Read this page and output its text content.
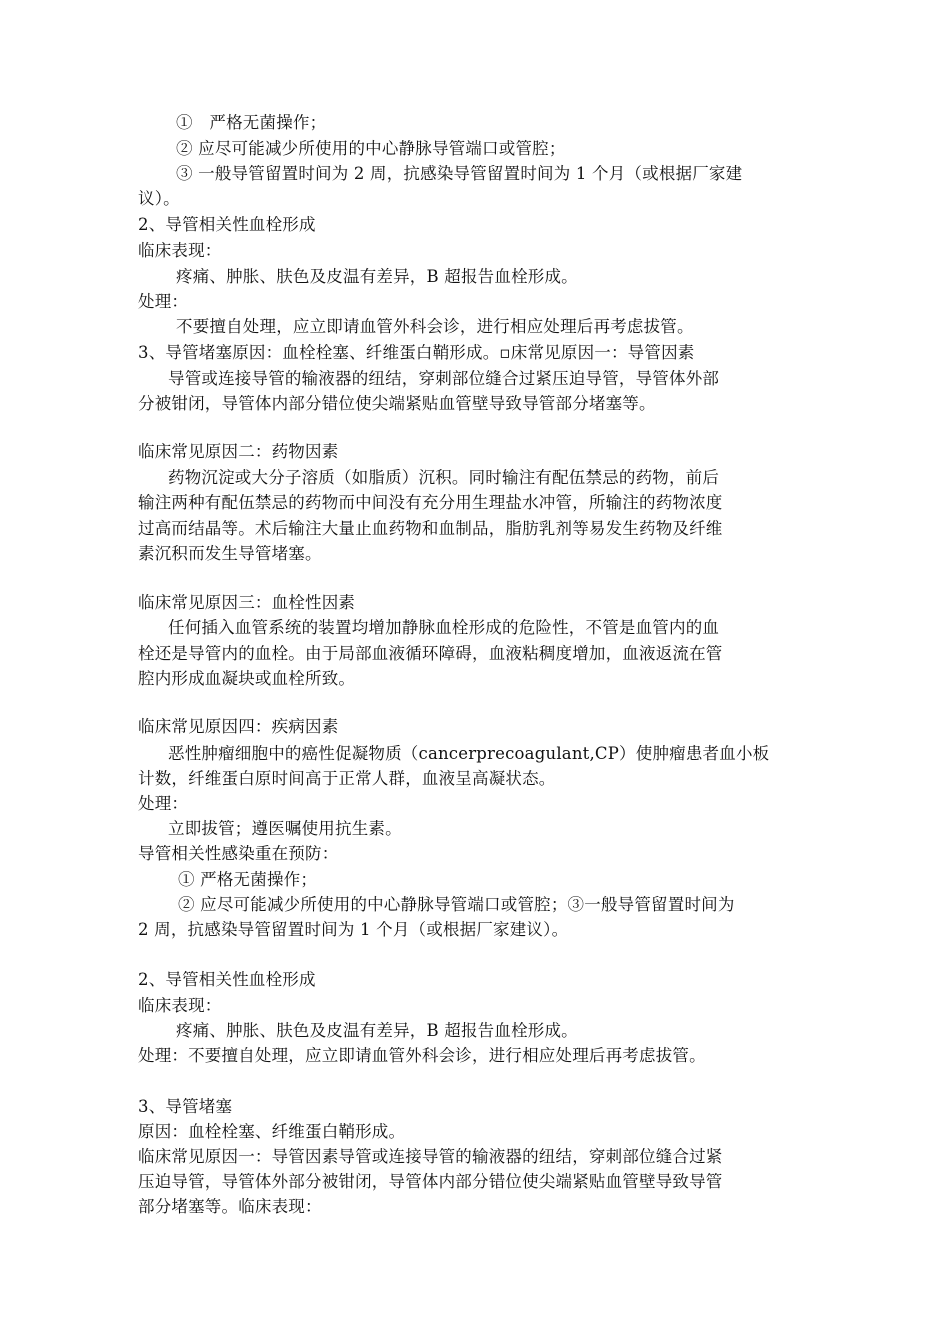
① 严格无菌操作；
② 应尽可能减少所使用的中心静脉导管端口或管腔；
③ 一般导管留置时间为 2 周，抗感染导管留置时间为 1 个月（或根据厂家建
议）。
2、导管相关性血栓形成
临床表现：
疼痛、肿胀、肤色及皮温有差异，B 超报告血栓形成。
处理：
不要擅自处理，应立即请血管外科会诊，进行相应处理后再考虑拔管。
3、导管堵塞原因：血栓栓塞、纤维蛋白鞘形成。▫床常见原因一：导管因素
导管或连接导管的输液器的纽结，穿刺部位缝合过紧压迫导管，导管体外部
分被钳闭，导管体内部分错位使尖端紧贴血管壁导致导管部分堵塞等。
临床常见原因二：药物因素
药物沉淀或大分子溶质（如脂质）沉积。同时输注有配伍禁忌的药物，前后
输注两种有配伍禁忌的药物而中间没有充分用生理盐水冲管，所输注的药物浓度
过高而结晶等。术后输注大量止血药物和血制品，脂肪乳剂等易发生药物及纤维
素沉积而发生导管堵塞。
临床常见原因三：血栓性因素
任何插入血管系统的装置均增加静脉血栓形成的危险性，不管是血管内的血
栓还是导管内的血栓。由于局部血液循环障碍，血液粘稠度增加，血液返流在管
腔内形成血凝块或血栓所致。
临床常见原因四：疾病因素
恶性肿瘤细胞中的癌性促凝物质（cancerprecoagulant,CP）使肿瘤患者血小板
计数，纤维蛋白原时间高于正常人群，血液呈高凝状态。
处理：
立即拔管；遵医嘱使用抗生素。
导管相关性感染重在预防：
① 严格无菌操作；
② 应尽可能减少所使用的中心静脉导管端口或管腔；③一般导管留置时间为
2 周，抗感染导管留置时间为 1 个月（或根据厂家建议）。
2、导管相关性血栓形成
临床表现：
疼痛、肿胀、肤色及皮温有差异，B 超报告血栓形成。
处理：不要擅自处理，应立即请血管外科会诊，进行相应处理后再考虑拔管。
3、导管堵塞
原因：血栓栓塞、纤维蛋白鞘形成。
临床常见原因一：导管因素导管或连接导管的输液器的纽结，穿刺部位缝合过紧
压迫导管，导管体外部分被钳闭，导管体内部分错位使尖端紧贴血管壁导致导管
部分堵塞等。临床表现：
